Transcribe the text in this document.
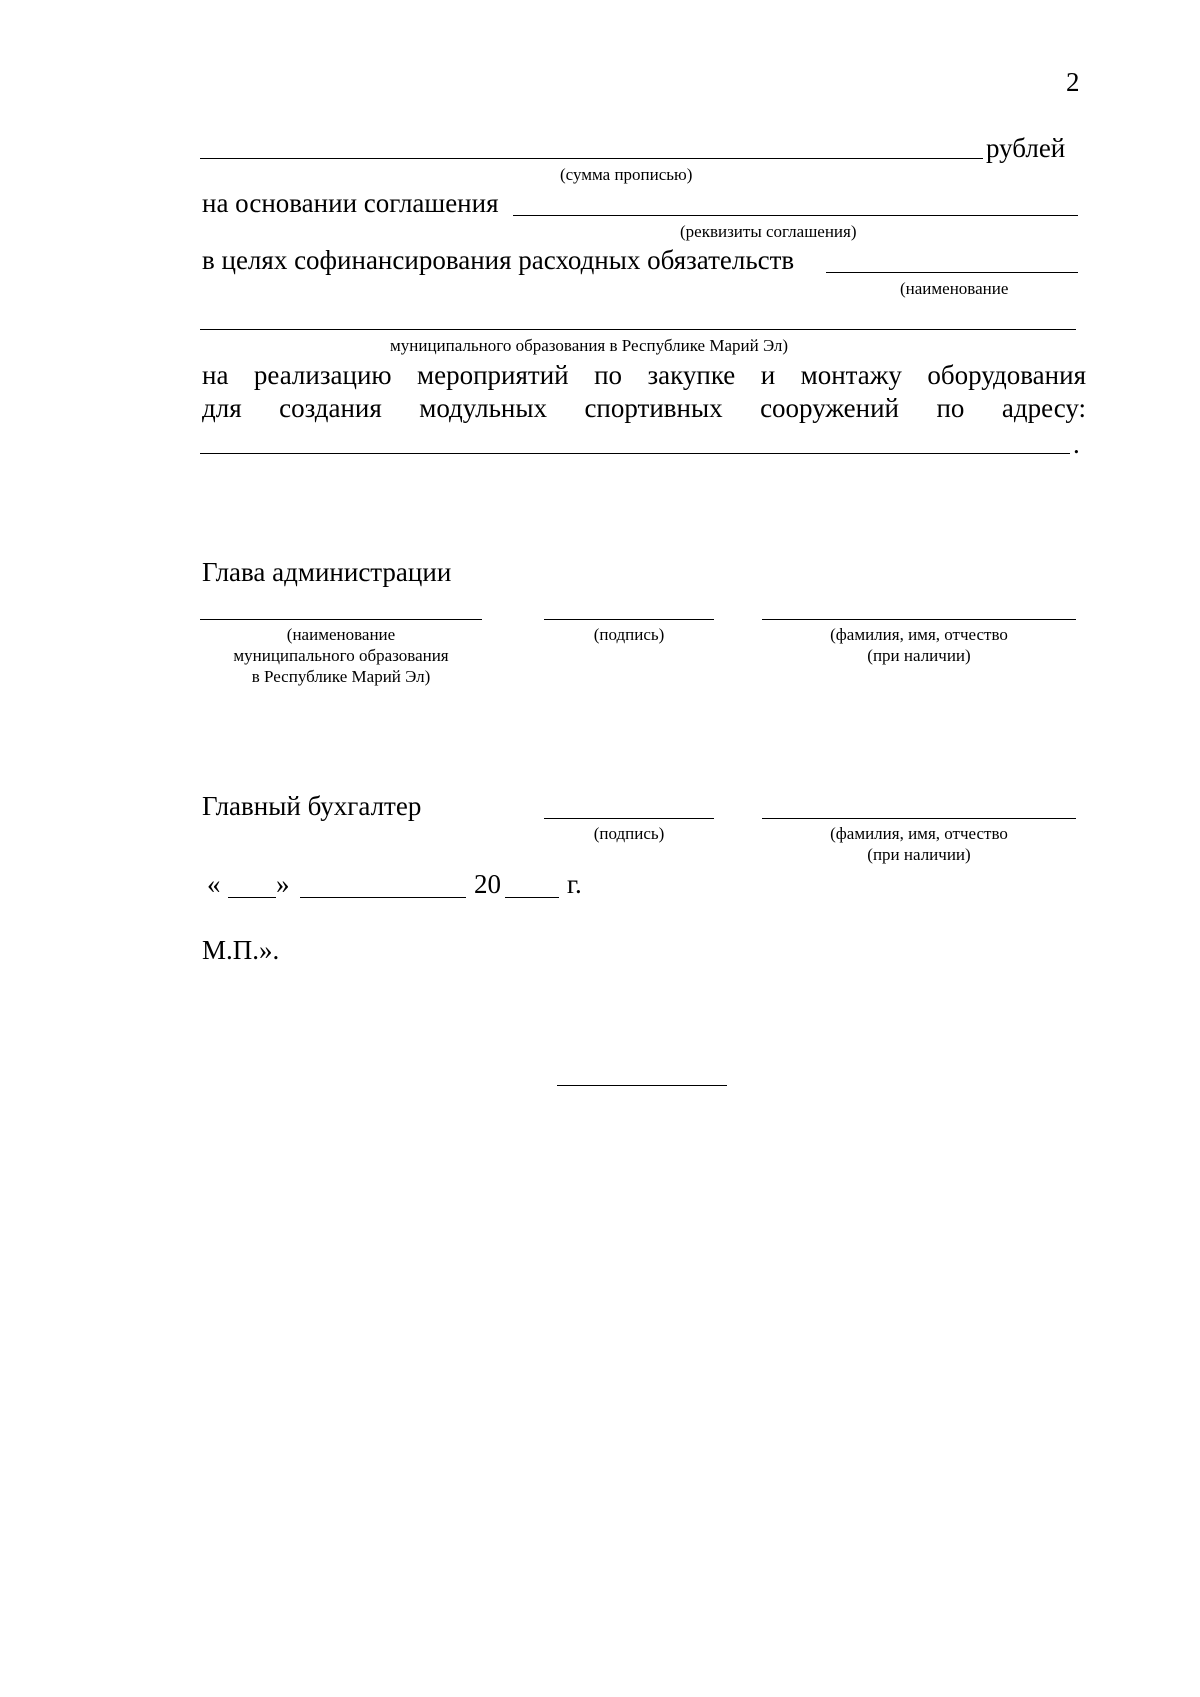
2
рублей
(сумма прописью)
на основании соглашения
(реквизиты соглашения)
в целях софинансирования расходных обязательств
(наименование
муниципального образования в Республике Марий Эл)
на реализацию мероприятий по закупке и монтажу оборудования
для создания модульных спортивных сооружений по адресу:
.
Глава администрации
(наименование
муниципального образования
в Республике Марий Эл)
(подпись)	(фамилия, имя, отчество
(при наличии)
Главный бухгалтер
(подпись)	(фамилия, имя, отчество
(при наличии)
« »	20 г.
М.П.».
